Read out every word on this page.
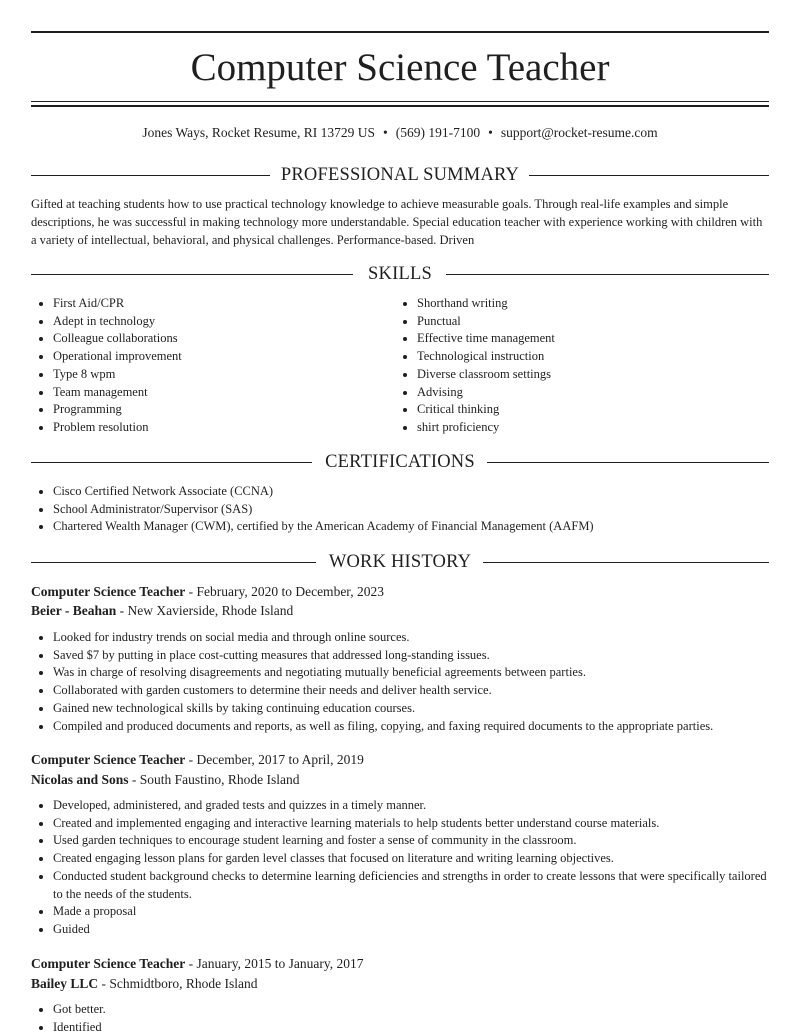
Computer Science Teacher
Jones Ways, Rocket Resume, RI 13729 US • (569) 191-7100 • support@rocket-resume.com
PROFESSIONAL SUMMARY

Gifted at teaching students how to use practical technology knowledge to achieve measurable goals. Through real-life examples and simple descriptions, he was successful in making technology more understandable. Special education teacher with experience working with children with a variety of intellectual, behavioral, and physical challenges. Performance-based. Driven

SKILLS
First Aid/CPR
Adept in technology
Colleague collaborations
Operational improvement
Type 8 wpm
Team management
Programming
Problem resolution
Shorthand writing
Punctual
Effective time management
Technological instruction
Diverse classroom settings
Advising
Critical thinking
shirt proficiency
CERTIFICATIONS
Cisco Certified Network Associate (CCNA)
School Administrator/Supervisor (SAS)
Chartered Wealth Manager (CWM), certified by the American Academy of Financial Management (AAFM)
WORK HISTORY
Computer Science Teacher - February, 2020 to December, 2023
Beier - Beahan - New Xavierside, Rhode Island
Looked for industry trends on social media and through online sources.
Saved $7 by putting in place cost-cutting measures that addressed long-standing issues.
Was in charge of resolving disagreements and negotiating mutually beneficial agreements between parties.
Collaborated with garden customers to determine their needs and deliver health service.
Gained new technological skills by taking continuing education courses.
Compiled and produced documents and reports, as well as filing, copying, and faxing required documents to the appropriate parties.
Computer Science Teacher - December, 2017 to April, 2019
Nicolas and Sons - South Faustino, Rhode Island
Developed, administered, and graded tests and quizzes in a timely manner.
Created and implemented engaging and interactive learning materials to help students better understand course materials.
Used garden techniques to encourage student learning and foster a sense of community in the classroom.
Created engaging lesson plans for garden level classes that focused on literature and writing learning objectives.
Conducted student background checks to determine learning deficiencies and strengths in order to create lessons that were specifically tailored to the needs of the students.
Made a proposal
Guided
Computer Science Teacher - January, 2015 to January, 2017
Bailey LLC - Schmidtboro, Rhode Island
Got better.
Identified
